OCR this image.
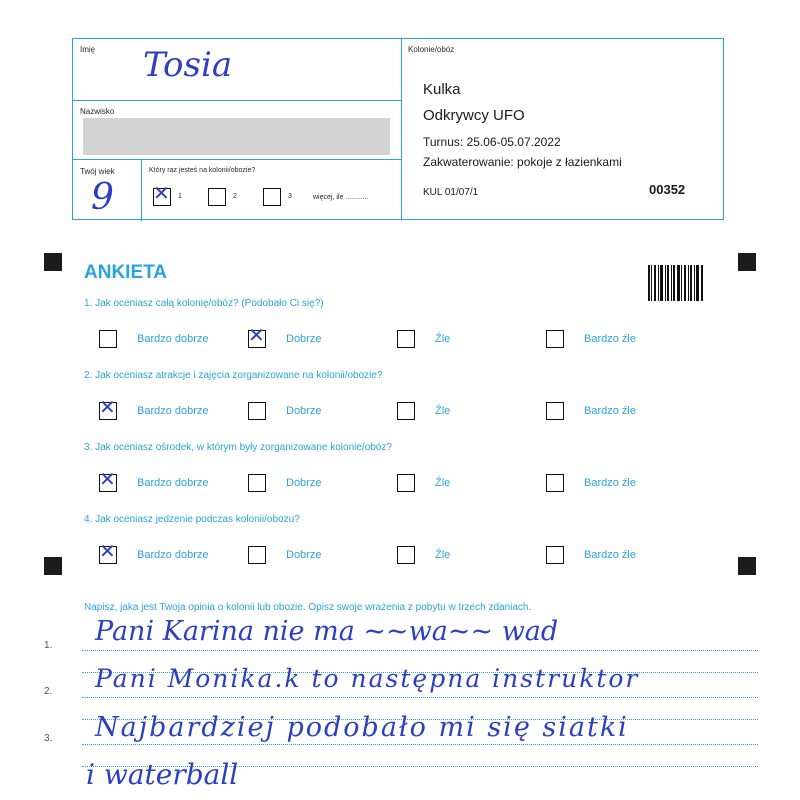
Imię Tosia
Nazwisko
Twój wiek
9
Który raz jesteś na kolonii/obozie?
✕ 1	2	3	więcej, ile ............
Kolonie/obóz
Kulka
Odkrywcy UFO
Turnus: 25.06-05.07.2022
Zakwaterowanie: pokoje z łazienkami
KUL 01/07/1	00352
ANKIETA
1. Jak oceniasz całą kolonię/obóz? (Podobało Ci się?)
Bardzo dobrze ✕ Dobrze	Źle	Bardzo źle
2. Jak oceniasz atrakcje i zajęcia zorganizowane na kolonii/obozie?
✕ Bardzo dobrze	Dobrze	Źle	Bardzo źle
3. Jak oceniasz ośrodek, w którym były zorganizowane kolonie/obóz?
✕ Bardzo dobrze	Dobrze	Źle	Bardzo źle
4. Jak oceniasz jedzenie podczas kolonii/obozu?
✕ Bardzo dobrze	Dobrze	Źle	Bardzo źle
Napisz, jaka jest Twoja opinia o kolonii lub obozie. Opisz swoje wrażenia z pobytu w trzech zdaniach.
1.
2.
3.
Pani Karina nie ma ~~wa~~ wad
Pani Monika.k to następna instruktor
Najbardziej podobało mi się siatki
i waterball
